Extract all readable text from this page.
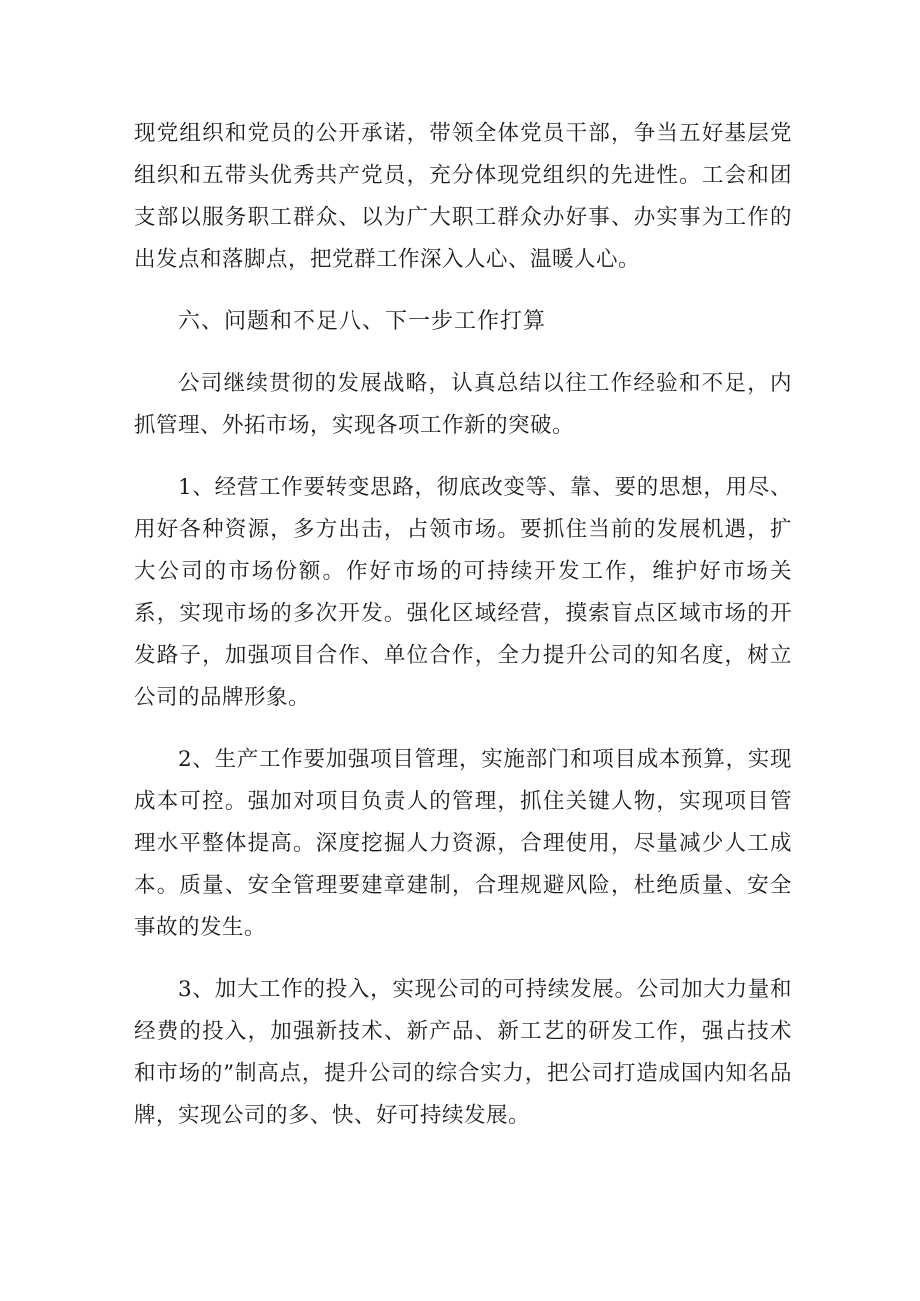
现党组织和党员的公开承诺，带领全体党员干部，争当五好基层党组织和五带头优秀共产党员，充分体现党组织的先进性。工会和团支部以服务职工群众、以为广大职工群众办好事、办实事为工作的出发点和落脚点，把党群工作深入人心、温暖人心。

六、问题和不足八、下一步工作打算

公司继续贯彻的发展战略，认真总结以往工作经验和不足，内抓管理、外拓市场，实现各项工作新的突破。

1、经营工作要转变思路，彻底改变等、靠、要的思想，用尽、用好各种资源，多方出击，占领市场。要抓住当前的发展机遇，扩大公司的市场份额。作好市场的可持续开发工作，维护好市场关系，实现市场的多次开发。强化区域经营，摸索盲点区域市场的开发路子，加强项目合作、单位合作，全力提升公司的知名度，树立公司的品牌形象。

2、生产工作要加强项目管理，实施部门和项目成本预算，实现成本可控。强加对项目负责人的管理，抓住关键人物，实现项目管理水平整体提高。深度挖掘人力资源，合理使用，尽量减少人工成本。质量、安全管理要建章建制，合理规避风险，杜绝质量、安全事故的发生。

3、加大工作的投入，实现公司的可持续发展。公司加大力量和经费的投入，加强新技术、新产品、新工艺的研发工作，强占技术和市场的”制高点，提升公司的综合实力，把公司打造成国内知名品牌，实现公司的多、快、好可持续发展。
